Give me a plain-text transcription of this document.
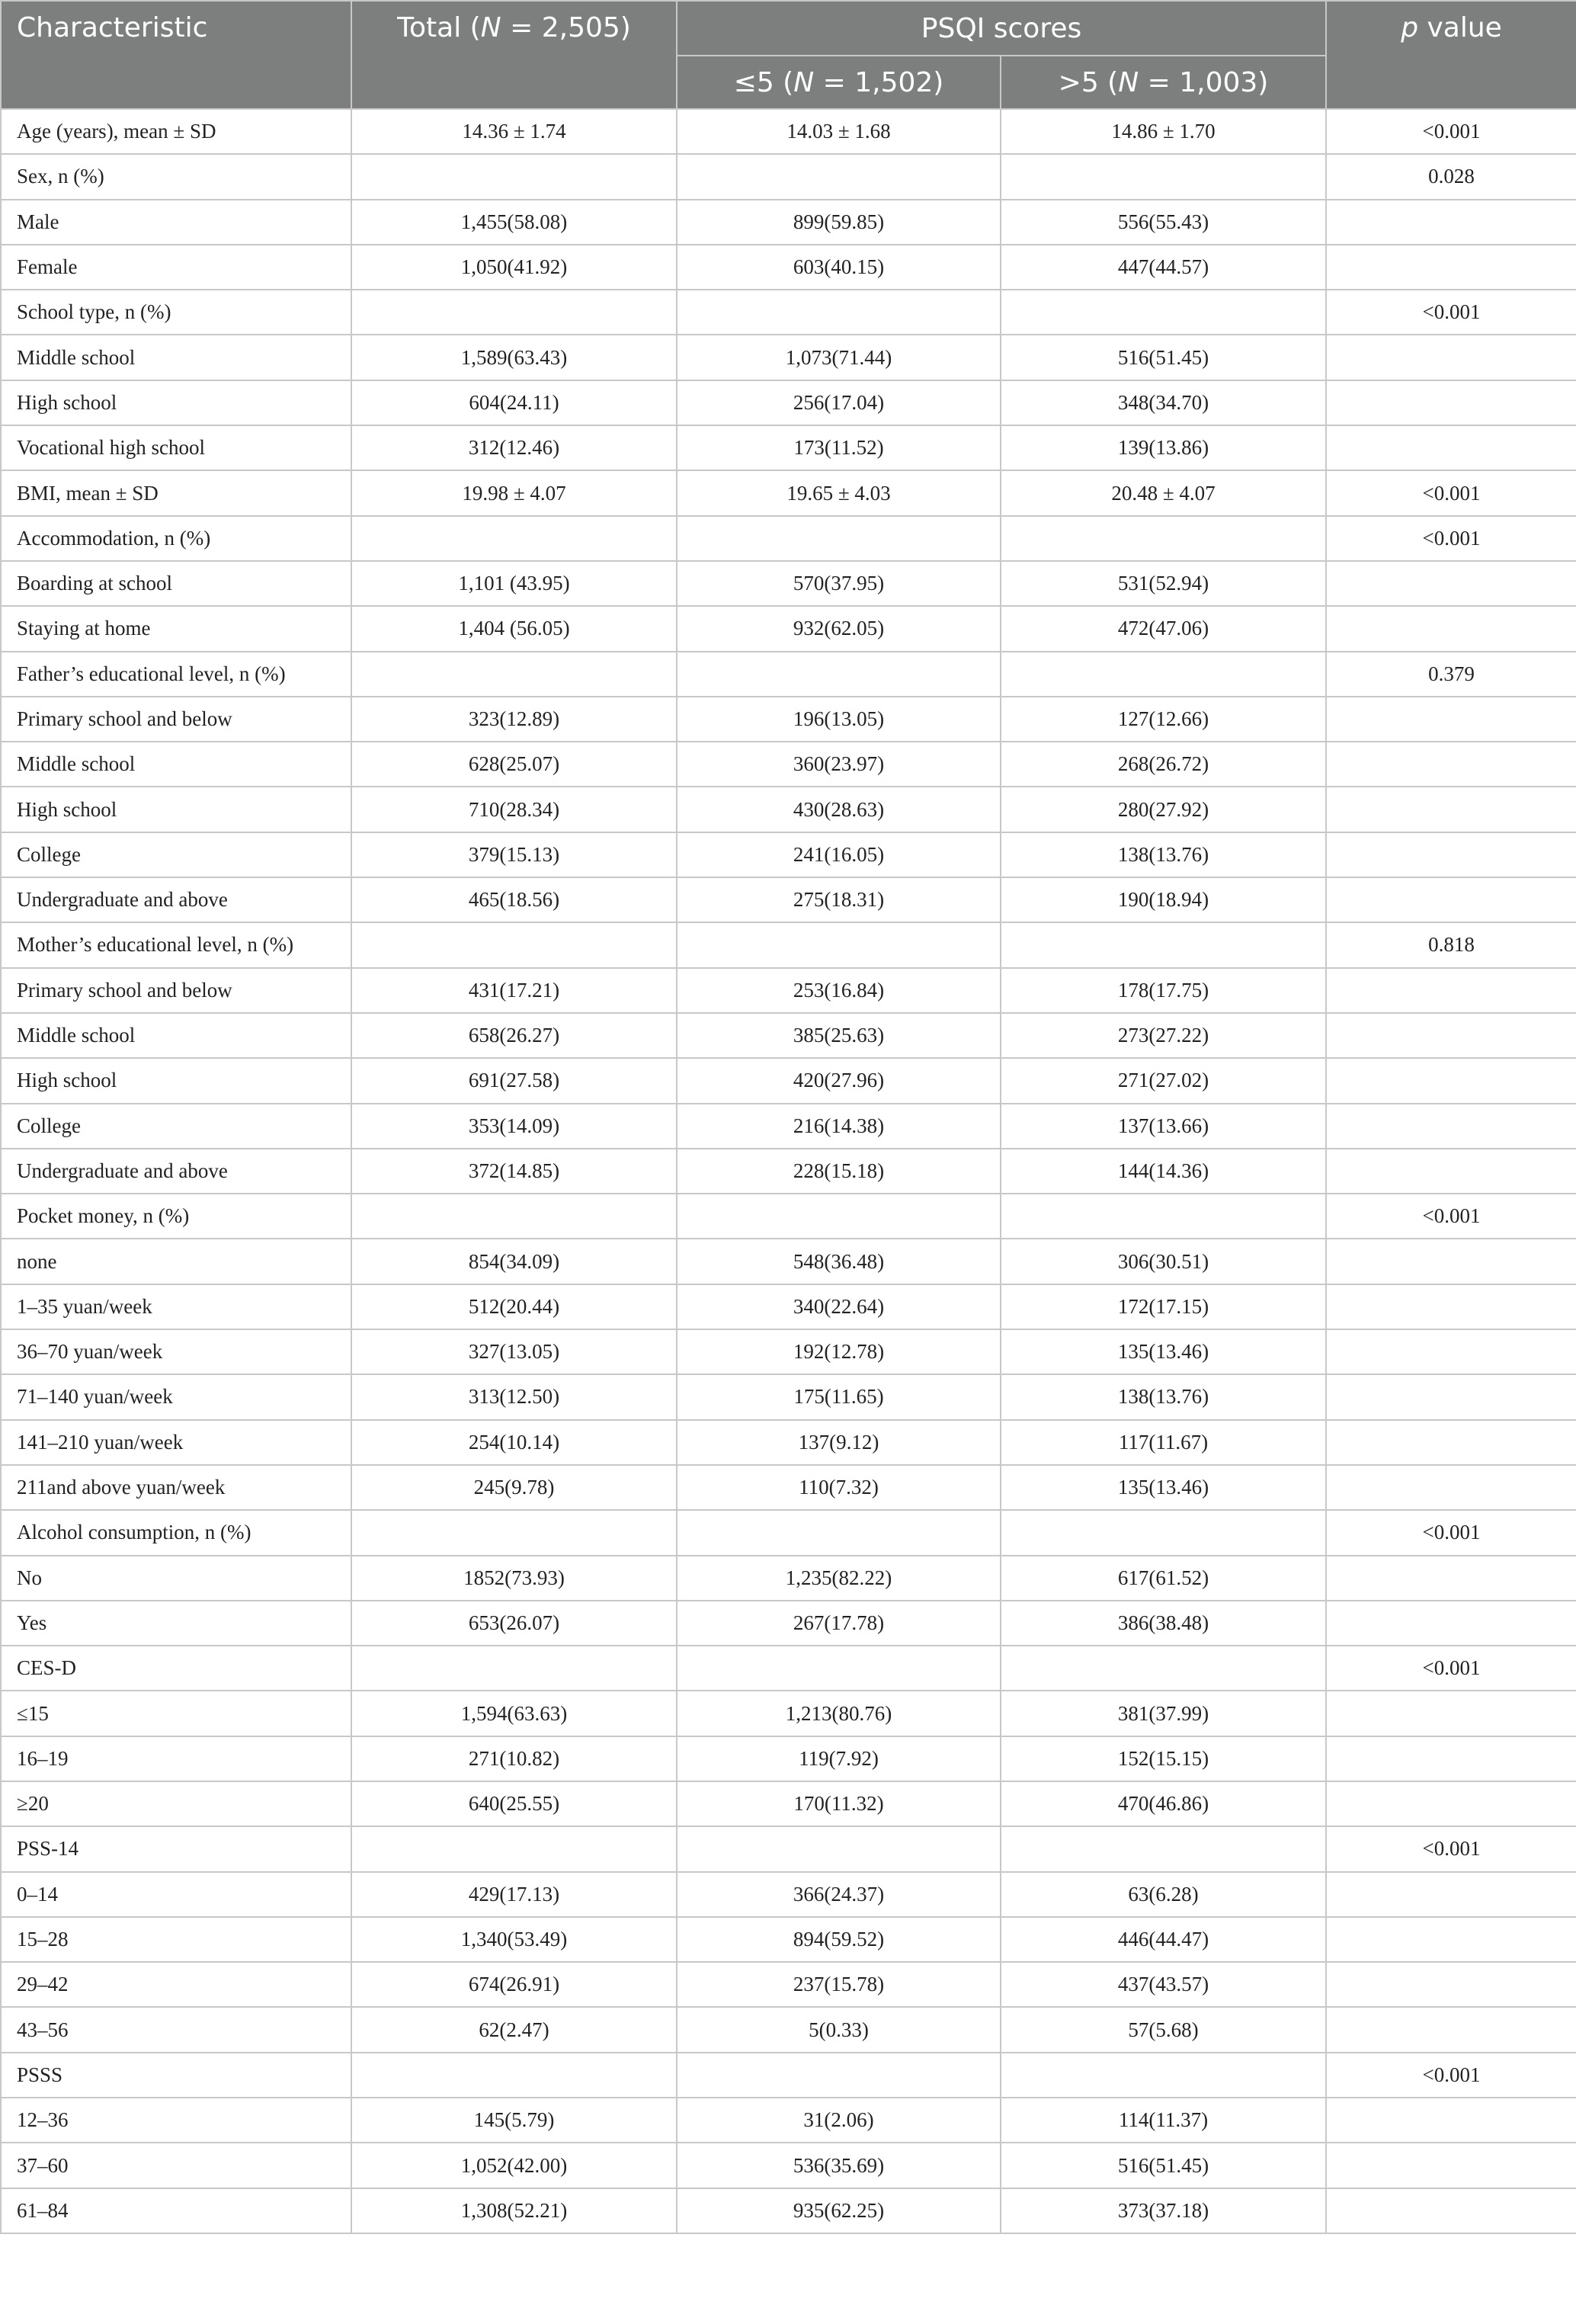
Characteristic	Total (N = 2,505)	PSQI scores		p value
		≤5 (N = 1,502)	>5 (N = 1,003)	
Age (years), mean ± SD	14.36 ± 1.74	14.03 ± 1.68	14.86 ± 1.70	<0.001
Sex, n (%)				0.028
Male	1,455(58.08)	899(59.85)	556(55.43)	
Female	1,050(41.92)	603(40.15)	447(44.57)	
School type, n (%)				<0.001
Middle school	1,589(63.43)	1,073(71.44)	516(51.45)	
High school	604(24.11)	256(17.04)	348(34.70)	
Vocational high school	312(12.46)	173(11.52)	139(13.86)	
BMI, mean ± SD	19.98 ± 4.07	19.65 ± 4.03	20.48 ± 4.07	<0.001
Accommodation, n (%)				<0.001
Boarding at school	1,101 (43.95)	570(37.95)	531(52.94)	
Staying at home	1,404 (56.05)	932(62.05)	472(47.06)	
Father’s educational level, n (%)				0.379
Primary school and below	323(12.89)	196(13.05)	127(12.66)	
Middle school	628(25.07)	360(23.97)	268(26.72)	
High school	710(28.34)	430(28.63)	280(27.92)	
College	379(15.13)	241(16.05)	138(13.76)	
Undergraduate and above	465(18.56)	275(18.31)	190(18.94)	
Mother’s educational level, n (%)				0.818
Primary school and below	431(17.21)	253(16.84)	178(17.75)	
Middle school	658(26.27)	385(25.63)	273(27.22)	
High school	691(27.58)	420(27.96)	271(27.02)	
College	353(14.09)	216(14.38)	137(13.66)	
Undergraduate and above	372(14.85)	228(15.18)	144(14.36)	
Pocket money, n (%)				<0.001
none	854(34.09)	548(36.48)	306(30.51)	
1–35 yuan/week	512(20.44)	340(22.64)	172(17.15)	
36–70 yuan/week	327(13.05)	192(12.78)	135(13.46)	
71–140 yuan/week	313(12.50)	175(11.65)	138(13.76)	
141–210 yuan/week	254(10.14)	137(9.12)	117(11.67)	
211and above yuan/week	245(9.78)	110(7.32)	135(13.46)	
Alcohol consumption, n (%)				<0.001
No	1852(73.93)	1,235(82.22)	617(61.52)	
Yes	653(26.07)	267(17.78)	386(38.48)	
CES-D				<0.001
≤15	1,594(63.63)	1,213(80.76)	381(37.99)	
16–19	271(10.82)	119(7.92)	152(15.15)	
≥20	640(25.55)	170(11.32)	470(46.86)	
PSS-14				<0.001
0–14	429(17.13)	366(24.37)	63(6.28)	
15–28	1,340(53.49)	894(59.52)	446(44.47)	
29–42	674(26.91)	237(15.78)	437(43.57)	
43–56	62(2.47)	5(0.33)	57(5.68)	
PSSS				<0.001
12–36	145(5.79)	31(2.06)	114(11.37)	
37–60	1,052(42.00)	536(35.69)	516(51.45)	
61–84	1,308(52.21)	935(62.25)	373(37.18)	
